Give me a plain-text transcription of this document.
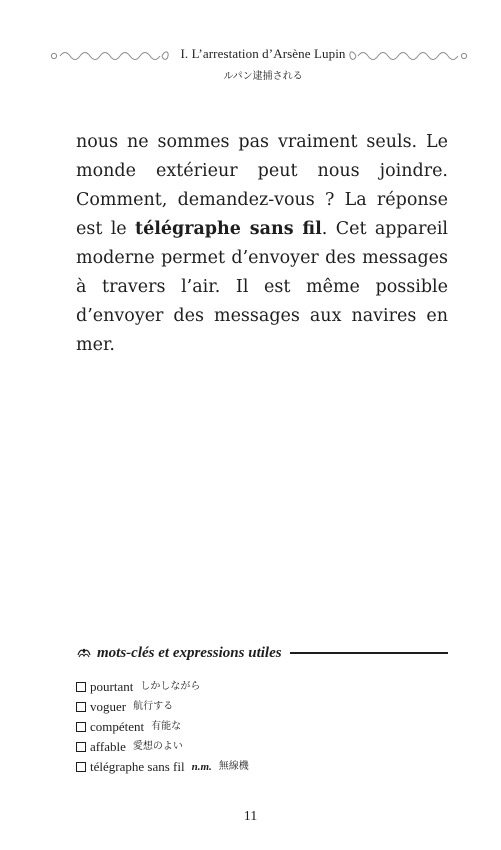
I. L’arrestation d’Arsène Lupin
ルパン逮捕される

nous ne sommes pas vraiment seuls. Le monde extérieur peut nous joindre. Comment, demandez-vous ? La réponse est le télégraphe sans fil. Cet appareil moderne permet d’envoyer des messages à travers l’air. Il est même possible d’envoyer des messages aux navires en mer.

mots-clés et expressions utiles
pourtant しかしながら
voguer 航行する
compétent 有能な
affable 愛想のよい
télégraphe sans fil n.m. 無線機
11
